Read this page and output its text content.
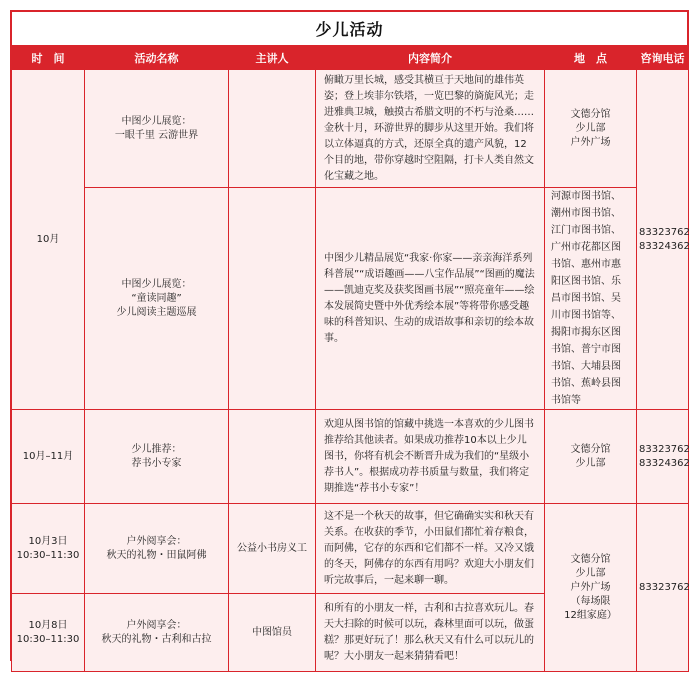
少儿活动
时　间	活动名称	主讲人	内容简介	地　点	咨询电话
10月	中图少儿展览：
一眼千里 云游世界		俯瞰万里长城，感受其横亘于天地间的雄伟英姿；登上埃菲尔铁塔，一览巴黎的旖旎风光；走进雅典卫城，触摸古希腊文明的不朽与沧桑……金秋十月，环游世界的脚步从这里开始。我们将以立体逼真的方式，还原全真的遗产风貌，12个目的地，带你穿越时空阻隔，打卡人类自然文化宝藏之地。	文德分馆
少儿部
户外广场	83323762
83324362

	中图少儿展览：
“童读同趣”
少儿阅读主题巡展		中图少儿精品展览“我家·你家——亲亲海洋系列科普展”“成语趣画——八宝作品展”“图画的魔法——凯迪克奖及获奖图画书展”“照亮童年——绘本发展简史暨中外优秀绘本展”等将带你感受趣味的科普知识、生动的成语故事和亲切的绘本故事。	河源市图书馆、潮州市图书馆、江门市图书馆、广州市花都区图书馆、惠州市惠阳区图书馆、乐昌市图书馆、吴川市图书馆等、揭阳市揭东区图书馆、普宁市图书馆、大埔县图书馆、蕉岭县图书馆等	
10月–11月	少儿推荐：
荐书小专家		欢迎从图书馆的馆藏中挑选一本喜欢的少儿图书推荐给其他读者。如果成功推荐10本以上少儿图书，你将有机会不断晋升成为我们的“星级小荐书人”。根据成功荐书质量与数量，我们将定期推选“荐书小专家”！	文德分馆
少儿部	83323762
83324362

10月3日
10:30–11:30	户外阅享会：
秋天的礼物・田鼠阿佛	公益小书房义工	这不是一个秋天的故事，但它确确实实和秋天有关系。在收获的季节，小田鼠们都忙着存粮食，而阿佛，它存的东西和它们都不一样。又冷又饿的冬天，阿佛存的东西有用吗？欢迎大小朋友们听完故事后，一起来聊一聊。	文德分馆
少儿部
户外广场
（每场限
12组家庭）	83323762

10月8日
10:30–11:30	户外阅享会：
秋天的礼物・古利和古拉	中图馆员	和所有的小朋友一样，古利和古拉喜欢玩儿。春天大扫除的时候可以玩，森林里面可以玩，做蛋糕？那更好玩了！那么秋天又有什么可以玩儿的呢？大小朋友一起来猜猜看吧！		
